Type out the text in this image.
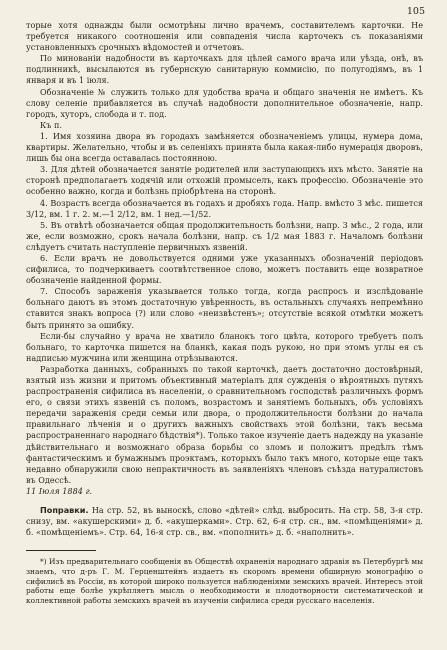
105

торые хотя однажды были осмотрѣны лично врачемъ, составителемъ карточки. Не требуется никакого соотношенія или совпаденія числа карточекъ съ показаніями установленныхъ срочныхъ вѣдомостей и отчетовъ.

По минованіи надобности въ карточкахъ для цѣлей самого врача или уѣзда, онѣ, въ подлинникѣ, высылаются въ губернскую санитарную коммисію, по полугодіямъ, въ 1 января и въ 1 іюля.

Обозначеніе № служить только для удобства врача и общаго значенія не имѣетъ. Къ слову селеніе прибавляется въ случаѣ надобности дополнительное обозначеніе, напр. городъ, хуторъ, слобода и т. под.

Къ п.

1. Имя хозяина двора въ городахъ замѣняется обозначеніемъ улицы, нумера дома, квартиры. Желательно, чтобы и въ селеніяхъ принята была какая-либо нумерація дворовъ, лишь бы она всегда оставалась постоянною.

3. Для дѣтей обозначается занятіе родителей или заступающихъ ихъ мѣсто. Занятіе на сторонѣ предполагаетъ ходячій или отхожій промыселъ, какъ профессію. Обозначеніе это особенно важно, когда и болѣзнь пріобрѣтена на сторонѣ.

4. Возрастъ всегда обозначается въ годахъ и дробяхъ года. Напр. вмѣсто 3 мѣс. пишется 3/12, вм. 1 г. 2. м.—1 2/12, вм. 1 нед.—1/52.

5. Въ отвѣтѣ обозначается общая продолжительность болѣзни, напр. 3 мѣс., 2 года, или же, если возможно, срокъ начала болѣзни, напр. съ 1/2 мая 1883 г. Началомъ болѣзни слѣдуетъ считать наступленіе первичныхъ язвеній.

6. Если врачъ не довольствуется одними уже указанныхъ обозначеній періодовъ сифилиса, то подчеркиваетъ соотвѣтственное слово, можетъ поставить еще возвратное обозначеніе найденной формы.

7. Способъ зараженія указывается только тогда, когда распросъ и изслѣдованіе больнаго даютъ въ этомъ достаточную увѣренность, въ остальныхъ случаяхъ непремѣнно ставится знакъ вопроса (?) или слово «неизвѣстенъ»; отсутствіе всякой отмѣтки можетъ быть принято за ошибку.

Если-бы случайно у врача не хватило бланокъ того цвѣта, которого требуетъ полъ больнаго, то карточка пишется на бланкѣ, какая подъ рукою, но при этомъ углы ея съ надписью мужчина или женщина отрѣзываются.

Разработка данныхъ, собранныхъ по такой карточкѣ, даетъ достаточно достовѣрный, взятый изъ жизни и притомъ объективный матеріалъ для сужденія о вѣроятныхъ путяхъ распространенія сифилиса въ населеніи, о сравнительномъ господствѣ различныхъ формъ его, о связи этихъ язвеній съ поломъ, возрастомъ и занятіемъ больныхъ, объ условіяхъ передачи зараженія среди семьи или двора, о продолжительности болѣзни до начала правильнаго лѣченія и о другихъ важныхъ свойствахъ этой болѣзни, такъ весьма распространеннаго народнаго бѣдствія*). Только такое изученіе даетъ надежду на указаніе дѣйствительнаго и возможнаго образа борьбы со зломъ и положитъ предѣлъ тѣмъ фантастическимъ и бумажнымъ проэктамъ, которыхъ было такъ много, которые еще такъ недавно обнаружили свою непрактичность въ заявленіяхъ членовъ съѣзда натуралистовъ въ Одессѣ.

11 Іюля 1884 г.

Поправки. На стр. 52, въ выноскѣ, слово «дѣтей» слѣд. выбросить. На стр. 58, 3-я стр. снизу, вм. «акушерскими» д. б. «акушерками». Стр. 62, 6-я стр. сн., вм. «помѣщеніями» д. б. «помѣщеніемъ». Стр. 64, 16-я стр. св., вм. «пополнить» д. б. «наполнить».
*) Изъ предварительнаго сообщенія въ Обществѣ охраненія народнаго здравія въ Петербургѣ мы знаемъ, что д-ръ Г. М. Герценштейнъ издаетъ въ скоромъ времени обширную монографію о сифилисѣ въ Россіи, въ которой широко пользуется наблюденіями земскихъ врачей. Интересъ этой работы еще болѣе укрѣпляетъ мысль о необходимости и плодотворности систематической и коллективной работы земскихъ врачей въ изученіи сифилиса среди русскаго населенія.
